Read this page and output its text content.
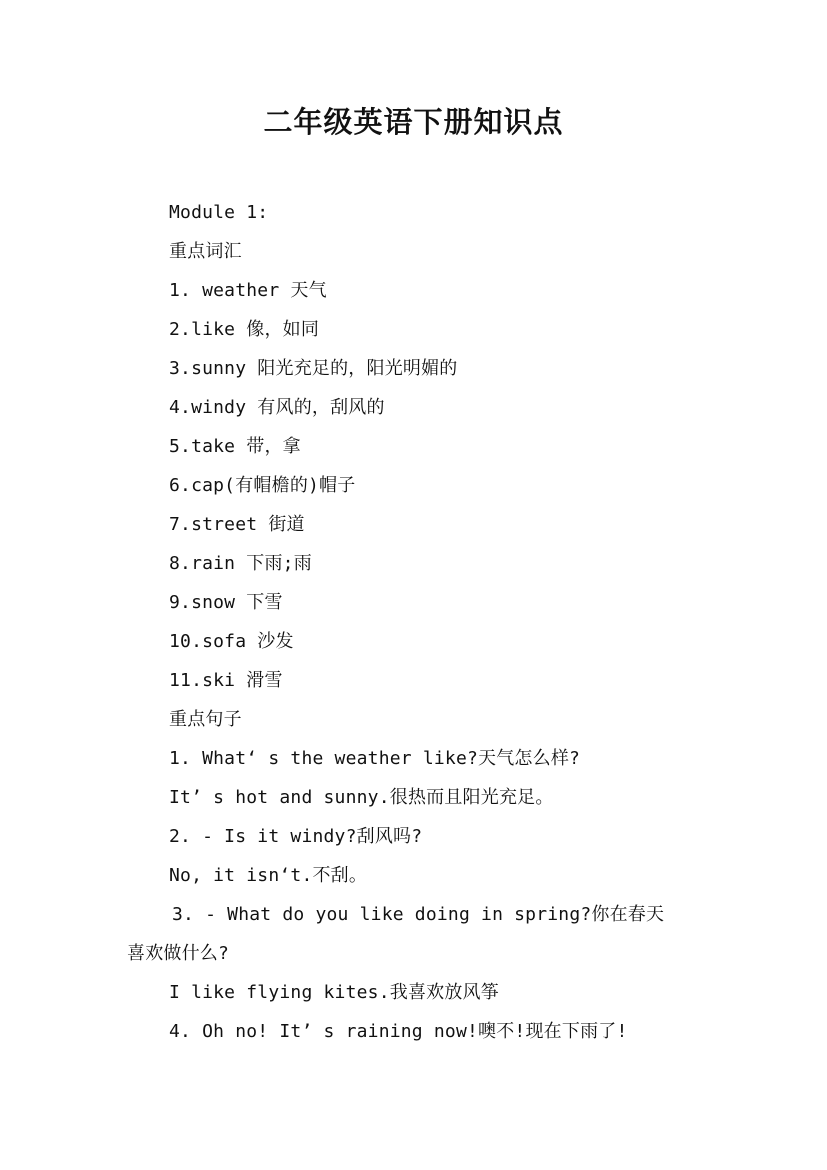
二年级英语下册知识点
Module 1:
重点词汇
1. weather 天气
2.like 像，如同
3.sunny 阳光充足的，阳光明媚的
4.windy 有风的，刮风的
5.take 带，拿
6.cap(有帽檐的)帽子
7.street 街道
8.rain 下雨;雨
9.snow 下雪
10.sofa 沙发
11.ski 滑雪
重点句子
1. What‘ s the weather like?天气怎么样?
It’ s hot and sunny.很热而且阳光充足。
2. - Is it windy?刮风吗?
No, it isn‘t.不刮。
3. - What do you like doing in spring?你在春天
喜欢做什么?
I like flying kites.我喜欢放风筝
4. Oh no! It’ s raining now!噢不!现在下雨了!
